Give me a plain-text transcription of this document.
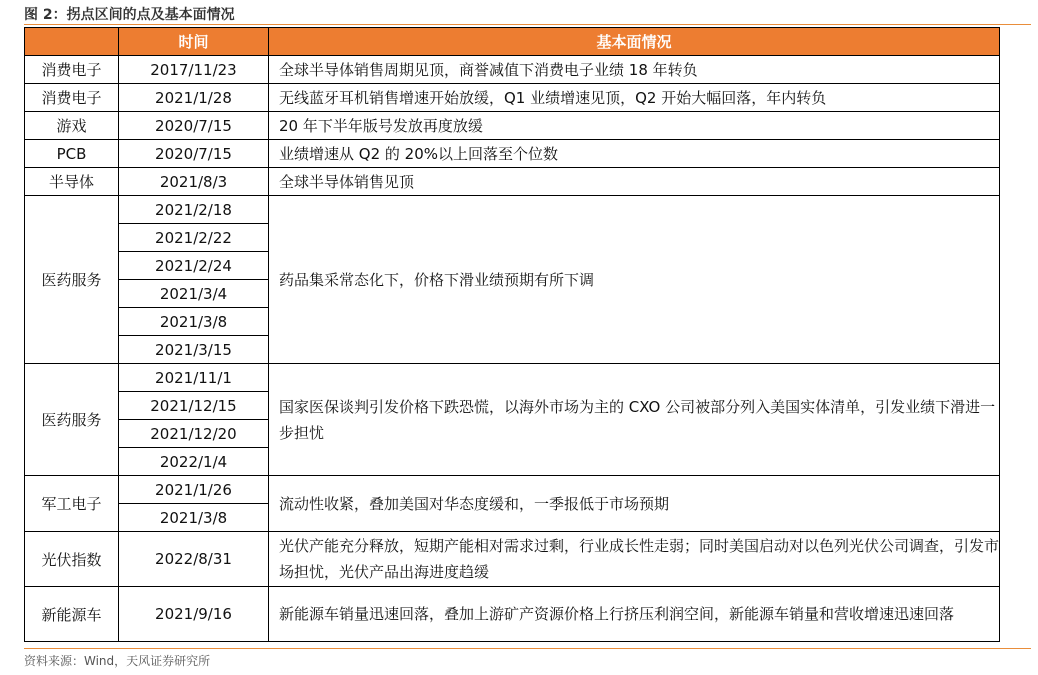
图 2：拐点区间的点及基本面情况
	时间	基本面情况
消费电子	2017/11/23	全球半导体销售周期见顶，商誉减值下消费电子业绩 18 年转负
消费电子	2021/1/28	无线蓝牙耳机销售增速开始放缓，Q1 业绩增速见顶，Q2 开始大幅回落，年内转负
游戏	2020/7/15	20 年下半年版号发放再度放缓
PCB	2020/7/15	业绩增速从 Q2 的 20%以上回落至个位数
半导体	2021/8/3	全球半导体销售见顶
医药服务	2021/2/18	药品集采常态化下，价格下滑业绩预期有所下调
	2021/2/22	
	2021/2/24	
	2021/3/4	
	2021/3/8	
	2021/3/15	
医药服务	2021/11/1	国家医保谈判引发价格下跌恐慌，以海外市场为主的 CXO 公司被部分列入美国实体清单，引发业绩下滑进一步担忧
	2021/12/15	
	2021/12/20	
	2022/1/4	
军工电子	2021/1/26	流动性收紧，叠加美国对华态度缓和，一季报低于市场预期
	2021/3/8	
光伏指数	2022/8/31	光伏产能充分释放，短期产能相对需求过剩，行业成长性走弱；同时美国启动对以色列光伏公司调查，引发市场担忧，光伏产品出海进度趋缓
新能源车	2021/9/16	新能源车销量迅速回落，叠加上游矿产资源价格上行挤压利润空间，新能源车销量和营收增速迅速回落
资料来源：Wind，天风证券研究所
